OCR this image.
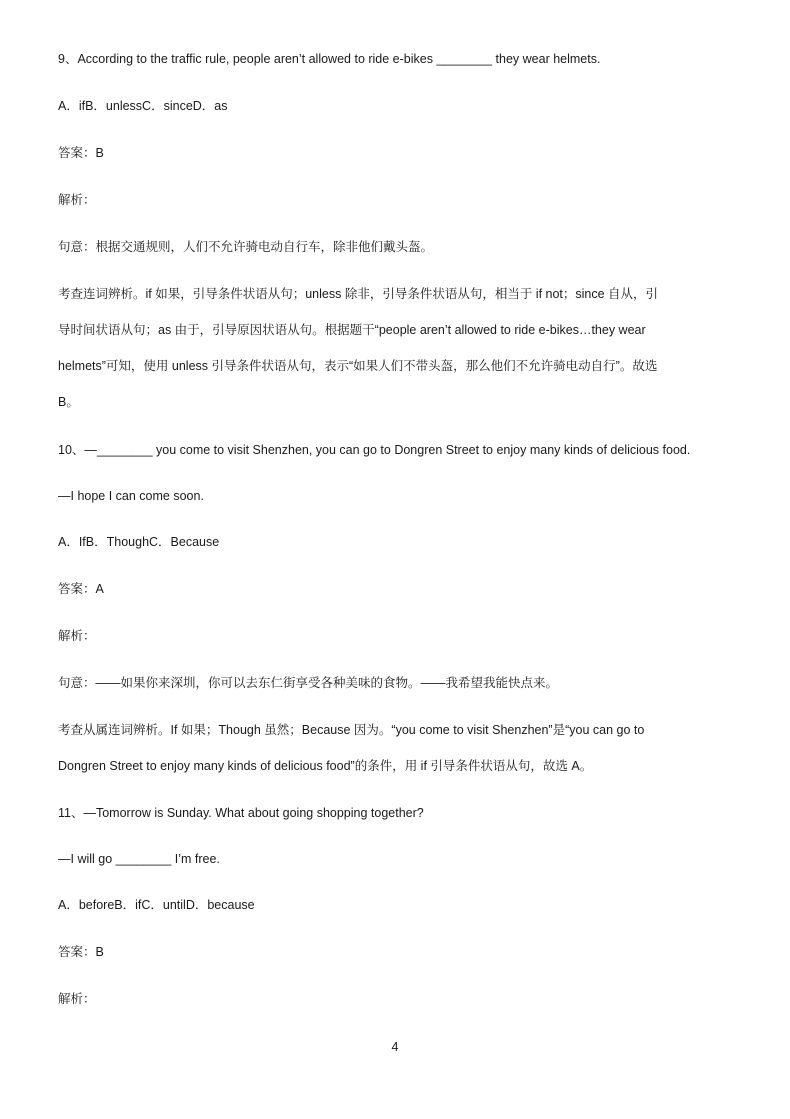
9、According to the traffic rule, people aren’t allowed to ride e-bikes ________ they wear helmets.
A．ifB．unlessC．sinceD．as
答案：B
解析：
句意：根据交通规则，人们不允许骑电动自行车，除非他们戴头盔。
考查连词辨析。if 如果，引导条件状语从句；unless 除非，引导条件状语从句，相当于 if not；since 自从，引
导时间状语从句；as 由于，引导原因状语从句。根据题干“people aren’t allowed to ride e-bikes…they wear
helmets”可知，使用 unless 引导条件状语从句，表示“如果人们不带头盔，那么他们不允许骑电动自行”。故选
B。
10、—________ you come to visit Shenzhen, you can go to Dongren Street to enjoy many kinds of delicious food.
—I hope I can come soon.
A．IfB．ThoughC．Because
答案：A
解析：
句意：——如果你来深圳，你可以去东仁街享受各种美味的食物。——我希望我能快点来。
考查从属连词辨析。If 如果；Though 虽然；Because 因为。“you come to visit Shenzhen”是“you can go to
Dongren Street to enjoy many kinds of delicious food”的条件，用 if 引导条件状语从句，故选 A。
11、—Tomorrow is Sunday. What about going shopping together?
—I will go ________ I’m free.
A．beforeB．ifC．untilD．because
答案：B
解析：
4
